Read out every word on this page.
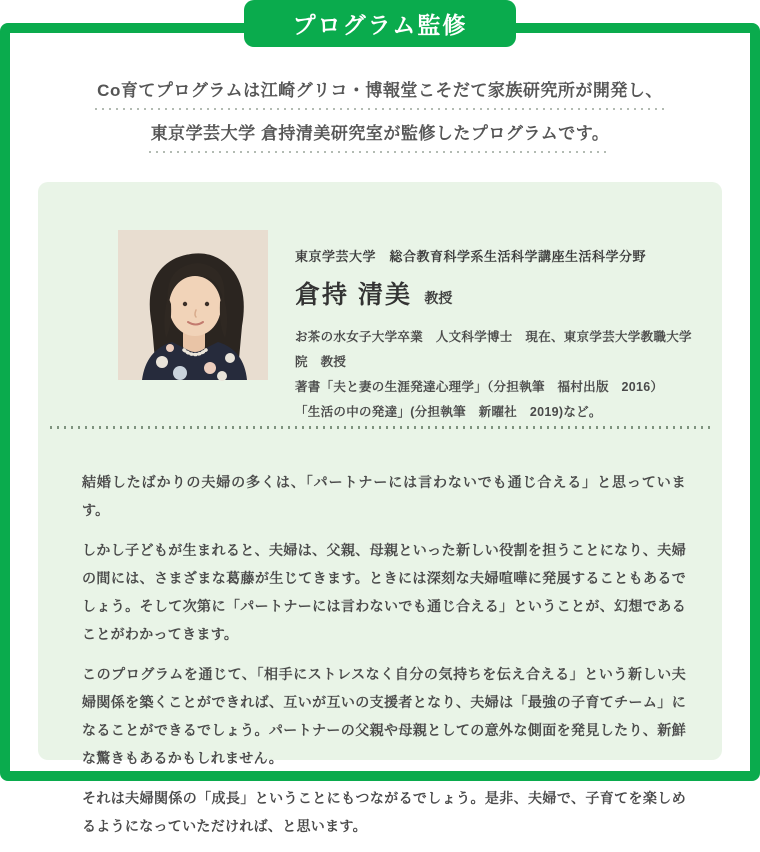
プログラム監修
Co育てプログラムは江崎グリコ・博報堂こそだて家族研究所が開発し、
東京学芸大学 倉持清美研究室が監修したプログラムです。

東京学芸大学　総合教育科学系生活科学講座生活科学分野

倉持 清美 教授

お茶の水女子大学卒業　人文科学博士　現在、東京学芸大学教職大学院　教授

著書「夫と妻の生涯発達心理学」（分担執筆　福村出版　2016）

「生活の中の発達」(分担執筆　新曜社　2019)など。

結婚したばかりの夫婦の多くは、「パートナーには言わないでも通じ合える」と思っています。

しかし子どもが生まれると、夫婦は、父親、母親といった新しい役割を担うことになり、夫婦の間には、さまざまな葛藤が生じてきます。ときには深刻な夫婦喧嘩に発展することもあるでしょう。そして次第に「パートナーには言わないでも通じ合える」ということが、幻想であることがわかってきます。

このプログラムを通じて、「相手にストレスなく自分の気持ちを伝え合える」という新しい夫婦関係を築くことができれば、互いが互いの支援者となり、夫婦は「最強の子育てチーム」になることができるでしょう。パートナーの父親や母親としての意外な側面を発見したり、新鮮な驚きもあるかもしれません。

それは夫婦関係の「成長」ということにもつながるでしょう。是非、夫婦で、子育てを楽しめるようになっていただければ、と思います。
